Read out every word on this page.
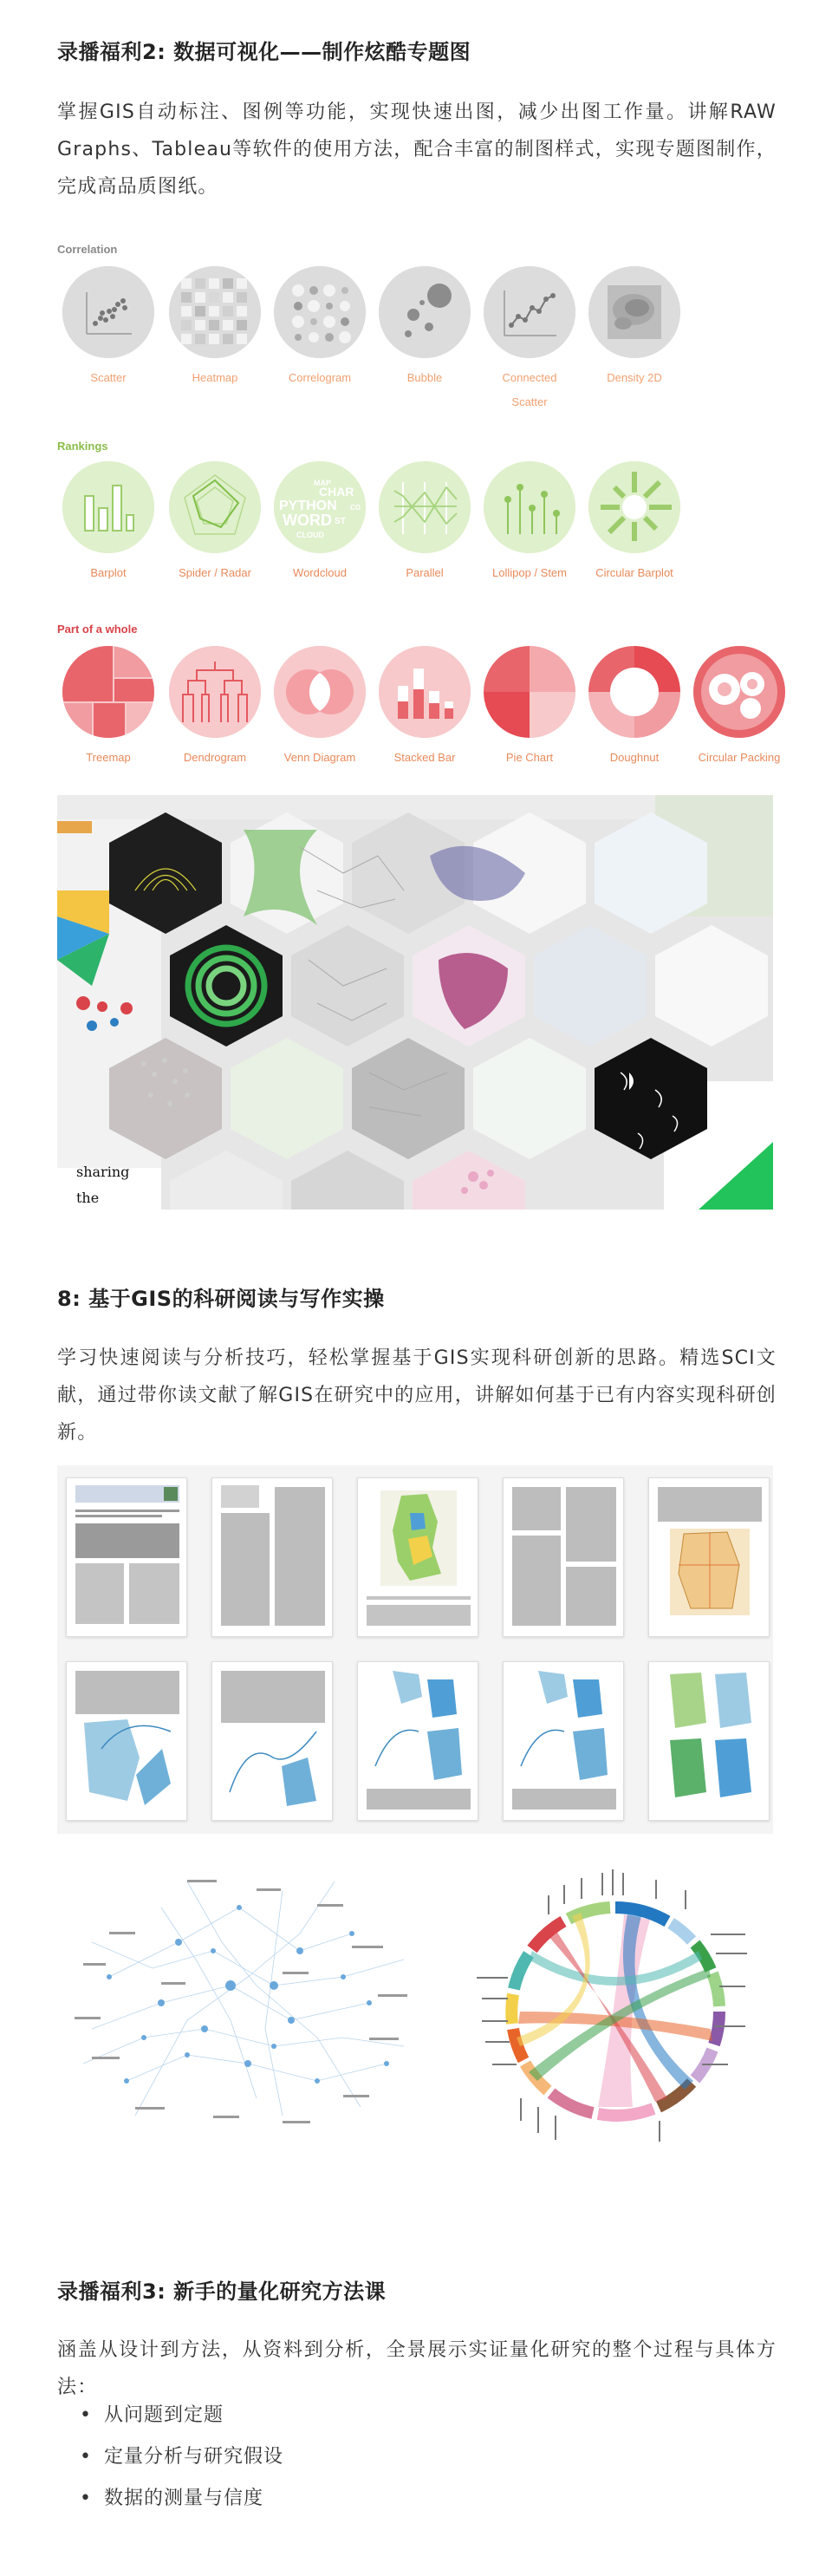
录播福利2: 数据可视化——制作炫酷专题图

掌握GIS自动标注、图例等功能，实现快速出图，减少出图工作量。讲解RAW　Graphs、Tableau等软件的使用方法，配合丰富的制图样式，实现专题图制作，完成高品质图纸。

Correlation
Rankings
Part of a whole
Scatter	Heatmap	Correlogram	Bubble	Connected Scatter
Density 2D
MAP
CHAR
PYTHON CO
WORD ST
CLOUD
Barplot	Spider / Radar	Wordcloud	Parallel	Lollipop / Stem	Circular Barplot
Treemap	Dendrogram	Venn Diagram	Stacked Bar	Pie Chart	Doughnut	Circular Packing
sharing
the
8: 基于GIS的科研阅读与写作实操

学习快速阅读与分析技巧，轻松掌握基于GIS实现科研创新的思路。精选SCI文献，通过带你读文献了解GIS在研究中的应用，讲解如何基于已有内容实现科研创新。

录播福利3: 新手的量化研究方法课

涵盖从设计到方法，从资料到分析，全景展示实证量化研究的整个过程与具体方法：

• 从问题到定题
• 定量分析与研究假设
• 数据的测量与信度
